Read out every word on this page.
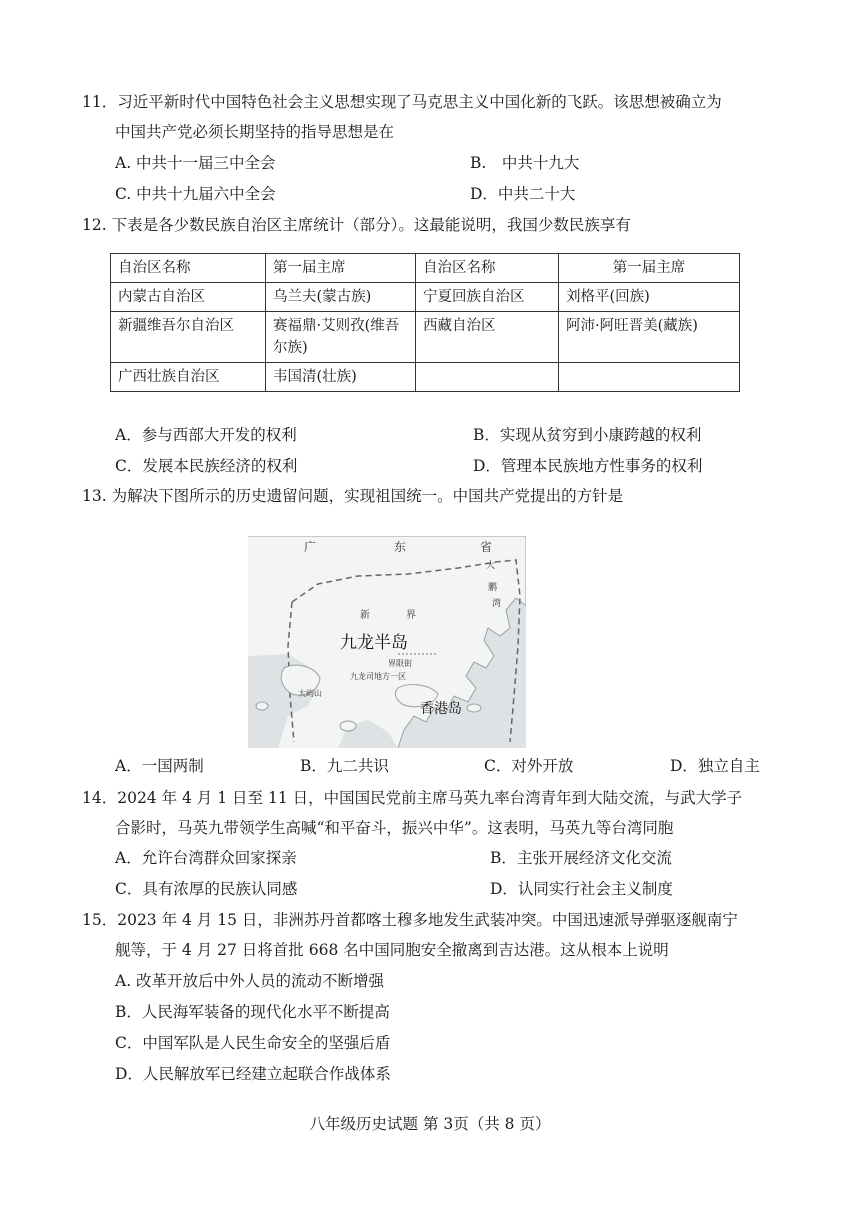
11．习近平新时代中国特色社会主义思想实现了马克思主义中国化新的飞跃。该思想被确立为
中国共产党必须长期坚持的指导思想是在
A. 中共十一届三中全会	B.　中共十九大
C. 中共十九届六中全会	D．中共二十大
12. 下表是各少数民族自治区主席统计（部分）。这最能说明，我国少数民族享有
自治区名称	第一届主席	自治区名称	第一届主席
内蒙古自治区	乌兰夫(蒙古族)	宁夏回族自治区	刘格平(回族)
新疆维吾尔自治区	赛福鼎·艾则孜(维吾尔族)	西藏自治区	阿沛·阿旺晋美(藏族)
广西壮族自治区	韦国清(壮族)		
A．参与西部大开发的权利	B．实现从贫穷到小康跨越的权利
C．发展本民族经济的权利	D．管理本民族地方性事务的权利
13. 为解决下图所示的历史遗留问题，实现祖国统一。中国共产党提出的方针是
广	东	省
新	界
九龙半岛
界限街
九龙司地方一区
大屿山
香港岛
大
鹏
湾
A．一国两制	B．九二共识	C．对外开放	D．独立自主
14．2024 年 4 月 1 日至 11 日，中国国民党前主席马英九率台湾青年到大陆交流，与武大学子
合影时，马英九带领学生高喊“和平奋斗，振兴中华”。这表明，马英九等台湾同胞
A．允许台湾群众回家探亲	B．主张开展经济文化交流
C．具有浓厚的民族认同感	D．认同实行社会主义制度
15．2023 年 4 月 15 日，非洲苏丹首都喀土穆多地发生武装冲突。中国迅速派导弹驱逐舰南宁
舰等，于 4 月 27 日将首批 668 名中国同胞安全撤离到吉达港。这从根本上说明
A. 改革开放后中外人员的流动不断增强
B．人民海军装备的现代化水平不断提高
C．中国军队是人民生命安全的坚强后盾
D．人民解放军已经建立起联合作战体系
八年级历史试题 第 3页（共 8 页）
